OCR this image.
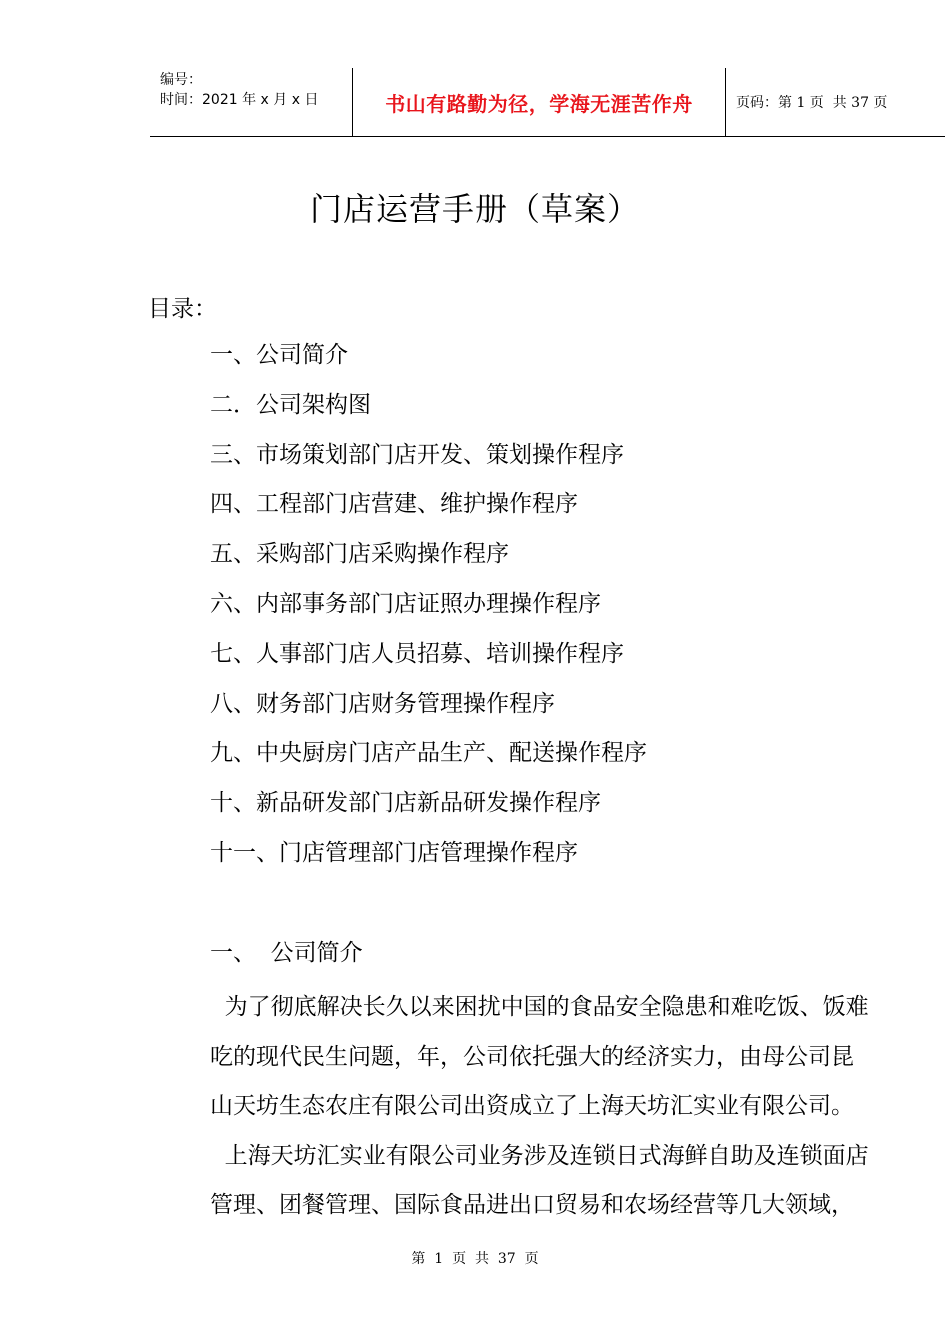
编号：
时间：2021 年 x 月 x 日	书山有路勤为径，学海无涯苦作舟	页码：第 1 页  共 37 页
门店运营手册（草案）
目录：
一、公司简介
二．公司架构图
三、市场策划部门店开发、策划操作程序
四、工程部门店营建、维护操作程序
五、采购部门店采购操作程序
六、内部事务部门店证照办理操作程序
七、人事部门店人员招募、培训操作程序
八、财务部门店财务管理操作程序
九、中央厨房门店产品生产、配送操作程序
十、新品研发部门店新品研发操作程序
十一、门店管理部门店管理操作程序
一、  公司简介
为了彻底解决长久以来困扰中国的食品安全隐患和难吃饭、饭难
吃的现代民生问题，年，公司依托强大的经济实力，由母公司昆
山天坊生态农庄有限公司出资成立了上海天坊汇实业有限公司。
上海天坊汇实业有限公司业务涉及连锁日式海鲜自助及连锁面店
管理、团餐管理、国际食品进出口贸易和农场经营等几大领域，
第  1  页  共  37  页
